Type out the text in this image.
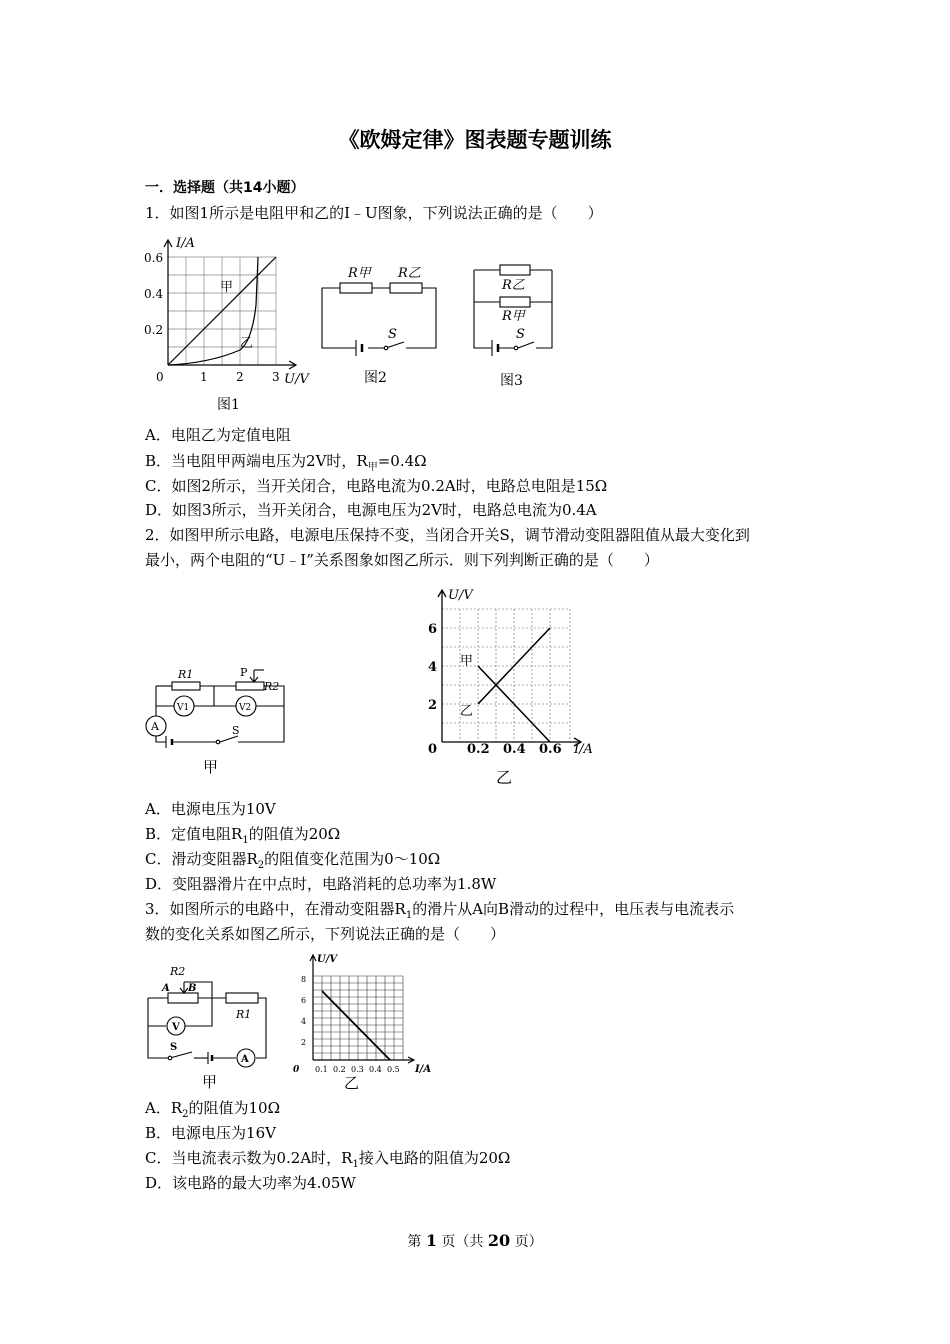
《欧姆定律》图表题专题训练
一．选择题（共14小题）
1．如图1所示是电阻甲和乙的I﹣U图象，下列说法正确的是（　　）
I/A
U/V
0.6
0.4
0.2
0	1 2 3
甲
乙
图1
R甲 R乙
S
图2
R乙
R甲
S
图3
A．电阻乙为定值电阻
B．当电阻甲两端电压为2V时，$R_甲=0.4\Omega$
C．如图2所示，当开关闭合，电路电流为0.2A时，电路总电阻是15Ω
D．如图3所示，当开关闭合，电源电压为2V时，电路总电流为0.4A
2．如图甲所示电路，电源电压保持不变，当闭合开关S，调节滑动变阻器阻值从最大变化到
最小，两个电阻的“U﹣I”关系图象如图乙所示．则下列判断正确的是（　　）
R1	P
R2
V1	V2
A	S
甲
U/V
I/A
6
4
2
0 0.2 0.4 0.6
甲
乙
乙
A．电源电压为10V
B．定值电阻$R_1$的阻值为20Ω
C．滑动变阻器$R_2$的阻值变化范围为0～10Ω
D．变阻器滑片在中点时，电路消耗的总功率为1.8W
3．如图所示的电路中，在滑动变阻器$R_1$的滑片从A向B滑动的过程中，电压表与电流表示
数的变化关系如图乙所示，下列说法正确的是（　　）
R2
A B
R1
V
S
A
甲
U/V
I/A
8
6
4
2
0 0.1 0.2 0.3 0.4 0.5
乙
A．$R_2$的阻值为10Ω
B．电源电压为16V
C．当电流表示数为0.2A时，$R_1$接入电路的阻值为20Ω
D．该电路的最大功率为4.05W
第 1 页（共 20 页）
